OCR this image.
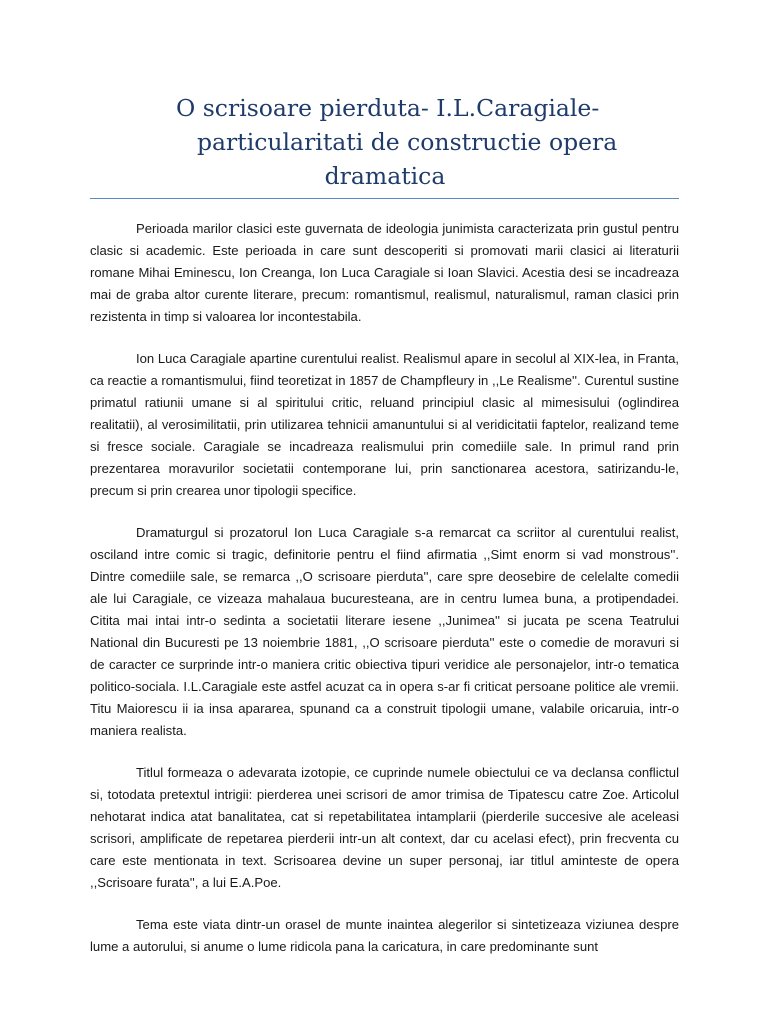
O scrisoare pierduta- I.L.Caragiale-
particularitati de constructie opera
dramatica

Perioada marilor clasici este guvernata de ideologia junimista caracterizata prin gustul pentru clasic si academic. Este perioada in care sunt descoperiti si promovati marii clasici ai literaturii romane Mihai Eminescu, Ion Creanga, Ion Luca Caragiale si Ioan Slavici. Acestia desi se incadreaza mai de graba altor curente literare, precum: romantismul, realismul, naturalismul, raman clasici prin rezistenta in timp si valoarea lor incontestabila.

Ion Luca Caragiale apartine curentului realist. Realismul apare in secolul al XIX-lea, in Franta, ca reactie a romantismului, fiind teoretizat in 1857 de Champfleury in ,,Le Realisme''. Curentul sustine primatul ratiunii umane si al spiritului critic, reluand principiul clasic al mimesisului (oglindirea realitatii), al verosimilitatii, prin utilizarea tehnicii amanuntului si al veridicitatii faptelor, realizand teme si fresce sociale. Caragiale se incadreaza realismului prin comediile sale. In primul rand prin prezentarea moravurilor societatii contemporane lui, prin sanctionarea acestora, satirizandu-le, precum si prin crearea unor tipologii specifice.

Dramaturgul si prozatorul Ion Luca Caragiale s-a remarcat ca scriitor al curentului realist, osciland intre comic si tragic, definitorie pentru el fiind afirmatia ,,Simt enorm si vad monstrous''. Dintre comediile sale, se remarca ,,O scrisoare pierduta'', care spre deosebire de celelalte comedii ale lui Caragiale, ce vizeaza mahalaua bucuresteana, are in centru lumea buna, a protipendadei. Citita mai intai intr-o sedinta a societatii literare iesene ,,Junimea'' si jucata pe scena Teatrului National din Bucuresti pe 13 noiembrie 1881, ,,O scrisoare pierduta'' este o comedie de moravuri si de caracter ce surprinde intr-o maniera critic obiectiva tipuri veridice ale personajelor, intr-o tematica politico-sociala. I.L.Caragiale este astfel acuzat ca in opera s-ar fi criticat persoane politice ale vremii. Titu Maiorescu ii ia insa apararea, spunand ca a construit tipologii umane, valabile oricaruia, intr-o maniera realista.

Titlul formeaza o adevarata izotopie, ce cuprinde numele obiectului ce va declansa conflictul si, totodata pretextul intrigii: pierderea unei scrisori de amor trimisa de Tipatescu catre Zoe. Articolul nehotarat indica atat banalitatea, cat si repetabilitatea intamplarii (pierderile succesive ale aceleasi scrisori, amplificate de repetarea pierderii intr-un alt context, dar cu acelasi efect), prin frecventa cu care este mentionata in text. Scrisoarea devine un super personaj, iar titlul aminteste de opera ,,Scrisoare furata'', a lui E.A.Poe.

Tema este viata dintr-un orasel de munte inaintea alegerilor si sintetizeaza viziunea despre lume a autorului, si anume o lume ridicola pana la caricatura, in care predominante sunt
